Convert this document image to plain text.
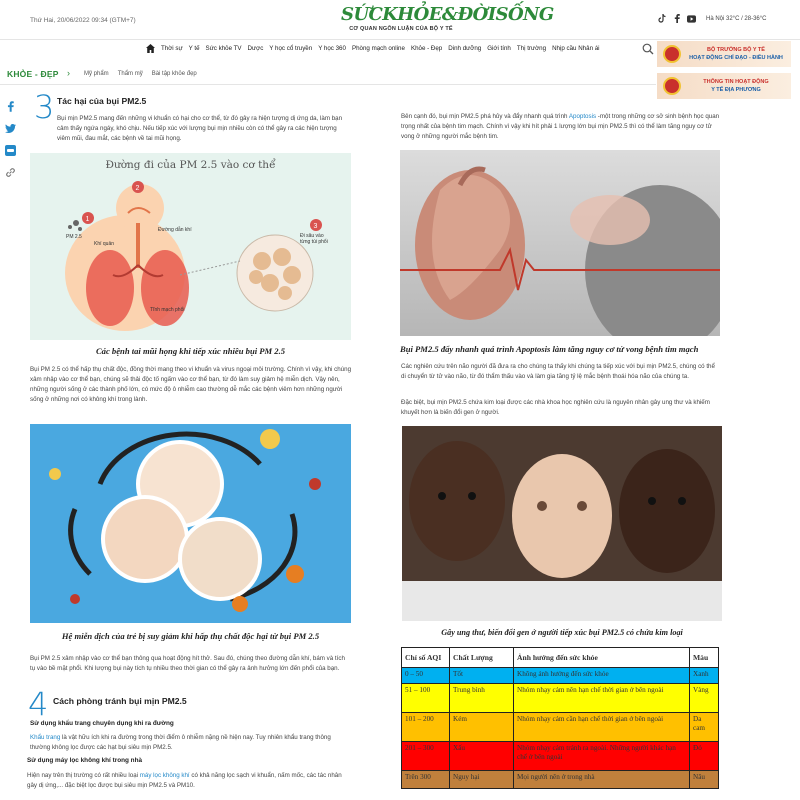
Thứ Hai, 20/06/2022 09:34 (GTM+7)	SỨCKHỎE&ĐỜISỐNG
CƠ QUAN NGÔN LUẬN CỦA BỘ Y TẾ
Hà Nội 32°C / 28-36°C
Thời sự Y tế Sức khỏe TV Dược Y học cổ truyền Y học 360 Phòng mạch online Khỏe - Đẹp Dinh dưỡng Giới tính Thị trường Nhịp cầu Nhân ái
KHỎE - ĐẸP › Mỹ phẩm Thẩm mỹ Bài tập khỏe đẹp
BỘ TRƯỞNG BỘ Y TẾ
HOẠT ĐỘNG CHỈ ĐẠO - ĐIỀU HÀNH
THÔNG TIN HOẠT ĐỘNG
Y TẾ ĐỊA PHƯƠNG
3 Tác hại của bụi PM2.5
Bụi mịn PM2.5 mang đến những vi khuẩn có hại cho cơ thể, từ đó gây ra hiện tượng dị ứng da, làm bạn cảm thấy ngứa ngáy, khó chịu. Nếu tiếp xúc với lượng bụi mịn nhiều còn có thể gây ra các hiện tượng viêm mũi, đau mắt, các bệnh về tai mũi họng.
1
2
3
Đường đi của PM 2.5 vào cơ thể
PM 2.5
Khí quản
Đường dẫn khí
Tĩnh mạch phổi
Đi sâu vào từng túi phổi
Các bệnh tai mũi họng khi tiếp xúc nhiều bụi PM 2.5
Bụi PM 2.5 có thể hấp thụ chất độc, đồng thời mang theo vi khuẩn và virus ngoại môi trường. Chính vì vậy, khi chúng xâm nhập vào cơ thể bạn, chúng sẽ thải độc tố ngấm vào cơ thể bạn, từ đó làm suy giảm hệ miễn dịch. Vậy nên, những người sống ở các thành phố lớn, có mức độ ô nhiễm cao thường dễ mắc các bệnh viêm hơn những người sống ở những nơi có không khí trong lành.
Hệ miễn dịch của trẻ bị suy giảm khi hấp thụ chất độc hại từ bụi PM 2.5
Bụi PM 2.5 xâm nhập vào cơ thể bạn thông qua hoạt động hít thở. Sau đó, chúng theo đường dẫn khí, bám và tích tụ vào bề mặt phổi. Khi lượng bụi này tích tụ nhiều theo thời gian có thể gây ra ảnh hưởng lớn đến phổi của bạn.
4 Cách phòng tránh bụi mịn PM2.5
Sử dụng khẩu trang chuyên dụng khi ra đường
Khẩu trang là vật hữu ích khi ra đường trong thời điểm ô nhiễm nặng nề hiện nay. Tuy nhiên khẩu trang thông thường không lọc được các hạt bụi siêu mịn PM2.5.
Sử dụng máy lọc không khí trong nhà
Hiện nay trên thị trường có rất nhiều loại máy lọc không khí có khả năng lọc sạch vi khuẩn, nấm mốc, các tác nhân gây dị ứng,... đặc biệt lọc được bụi siêu mịn PM2.5 và PM10.
Bên cạnh đó, bụi mịn PM2.5 phá hủy và đẩy nhanh quá trình Apoptosis -một trong những cơ sở sinh bệnh học quan trọng nhất của bệnh tim mạch. Chính vì vậy khi hít phải 1 lượng lớn bụi mịn PM2.5 thì có thể làm tăng nguy cơ tử vong ở những người mắc bệnh tim.
Bụi PM2.5 đẩy nhanh quá trình Apoptosis làm tăng nguy cơ tử vong bệnh tim mạch
Các nghiên cứu trên não người đã đưa ra cho chúng ta thấy khi chúng ta tiếp xúc với bụi mịn PM2.5, chúng có thể di chuyển từ tử vào não, từ đó thẩm thấu vào và làm gia tăng tỷ lệ mắc bệnh thoái hóa não của chúng ta.
Đặc biệt, bụi mịn PM2.5 chứa kim loại được các nhà khoa học nghiên cứu là nguyên nhân gây ung thư và khiếm khuyết hơn là biến đổi gen ở người.
Gây ung thư, biến đổi gen ở người tiếp xúc bụi PM2.5 có chứa kim loại
Chỉ số AQI	Chất Lượng	Ảnh hưởng đến sức khỏe	Màu
0 – 50	Tốt	Không ảnh hưởng đến sức khỏe	Xanh
51 – 100	Trung bình	Nhóm nhạy cảm nên hạn chế thời gian ở bên ngoài	Vàng
101 – 200	Kém	Nhóm nhạy cảm cần hạn chế thời gian ở bên ngoài	Da cam
201 – 300	Xấu	Nhóm nhạy cảm tránh ra ngoài. Những người khác hạn chế ở bên ngoài	Đỏ
Trên 300	Nguy hại	Mọi người nên ở trong nhà	Nâu
